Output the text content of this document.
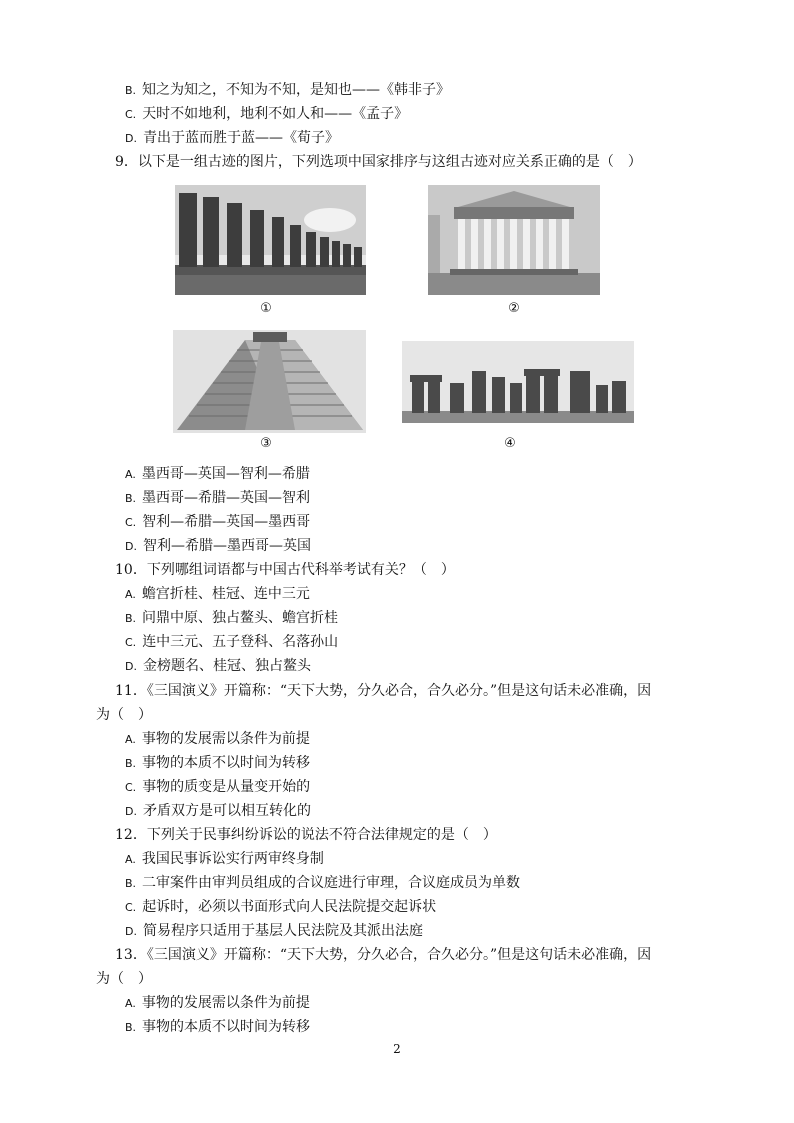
B. 知之为知之，不知为不知，是知也——《韩非子》
C. 天时不如地利，地利不如人和——《孟子》
D. 青出于蓝而胜于蓝——《荀子》
9．以下是一组古迹的图片，下列选项中国家排序与这组古迹对应关系正确的是（　）
①	②
③	④
A. 墨西哥—英国—智利—希腊
B. 墨西哥—希腊—英国—智利
C. 智利—希腊—英国—墨西哥
D. 智利—希腊—墨西哥—英国
10．下列哪组词语都与中国古代科举考试有关？（　）
A. 蟾宫折桂、桂冠、连中三元
B. 问鼎中原、独占鳌头、蟾宫折桂
C. 连中三元、五子登科、名落孙山
D. 金榜题名、桂冠、独占鳌头
11．《三国演义》开篇称：“天下大势，分久必合，合久必分。”但是这句话未必准确，因
为（　）
A. 事物的发展需以条件为前提
B. 事物的本质不以时间为转移
C. 事物的质变是从量变开始的
D. 矛盾双方是可以相互转化的
12．下列关于民事纠纷诉讼的说法不符合法律规定的是（　）
A. 我国民事诉讼实行两审终身制
B. 二审案件由审判员组成的合议庭进行审理，合议庭成员为单数
C. 起诉时，必须以书面形式向人民法院提交起诉状
D. 简易程序只适用于基层人民法院及其派出法庭
13．《三国演义》开篇称：“天下大势，分久必合，合久必分。”但是这句话未必准确，因
为（　）
A. 事物的发展需以条件为前提
B. 事物的本质不以时间为转移
2
